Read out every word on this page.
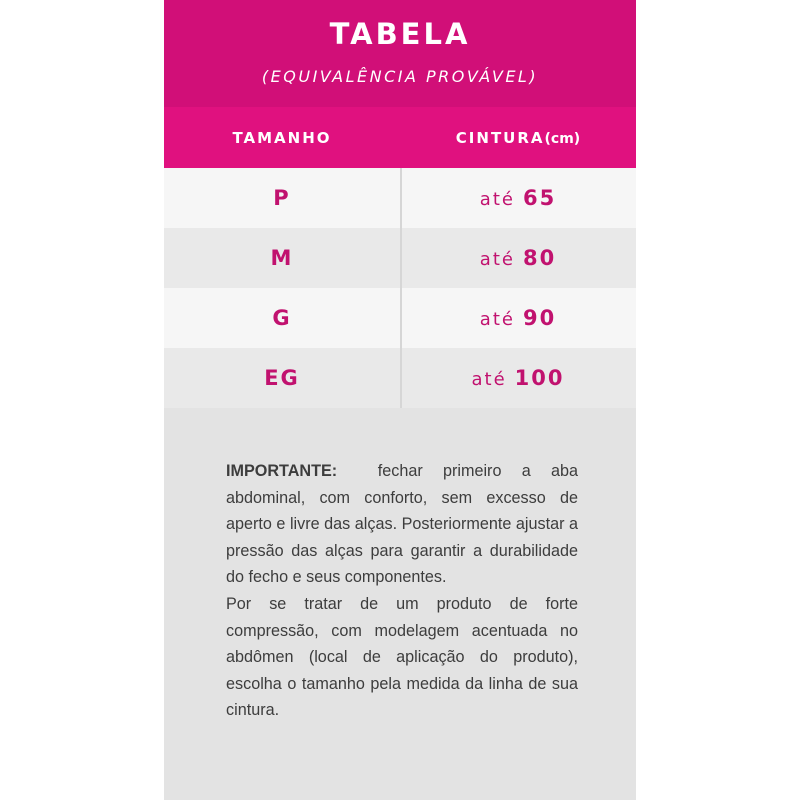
TABELA
(EQUIVALÊNCIA PROVÁVEL)
TAMANHO	CINTURA(cm)
P	até 65
M	até 80
G	até 90
EG	até 100

IMPORTANTE:	fechar primeiro a aba abdominal, com conforto, sem excesso de aperto e livre das alças. Posteriormente ajustar a pressão das alças para garantir a durabilidade do fecho e seus componentes.

Por se tratar de um produto de forte compressão, com modelagem acentuada no abdômen (local de aplicação do produto), escolha o tamanho pela medida da linha de sua cintura.
